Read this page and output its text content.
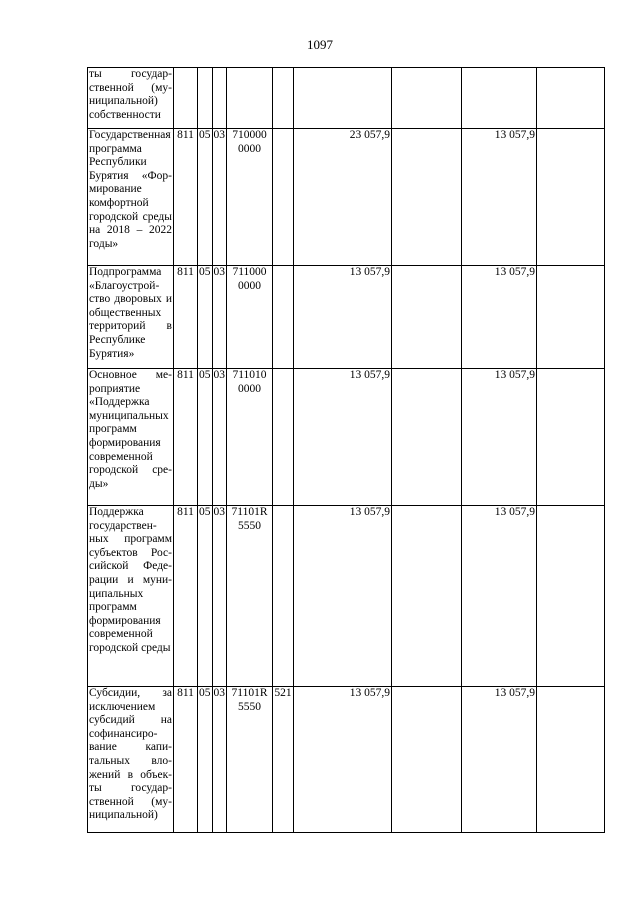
1097
ты государственной (муниципальной) собственности									
Государственная программа Республики Бурятия «Формирование комфортной городской среды на 2018 – 2022 годы»	811	05	03	710000 0000		23 057,9		13 057,9	
Подпрограмма «Благоустройство дворовых и общественных территорий в Республике Бурятия»	811	05	03	711000 0000		13 057,9		13 057,9	
Основное мероприятие «Поддержка муниципальных программ формирования современной городской среды»	811	05	03	711010 0000		13 057,9		13 057,9	
Поддержка государственных программ субъектов Российской Федерации и муниципальных программ формирования современной городской среды	811	05	03	71101R 5550		13 057,9		13 057,9	
Субсидии, за исключением субсидий на софинансирование капитальных вложений в объекты государственной (муниципальной)	811	05	03	71101R 5550	521	13 057,9		13 057,9	
